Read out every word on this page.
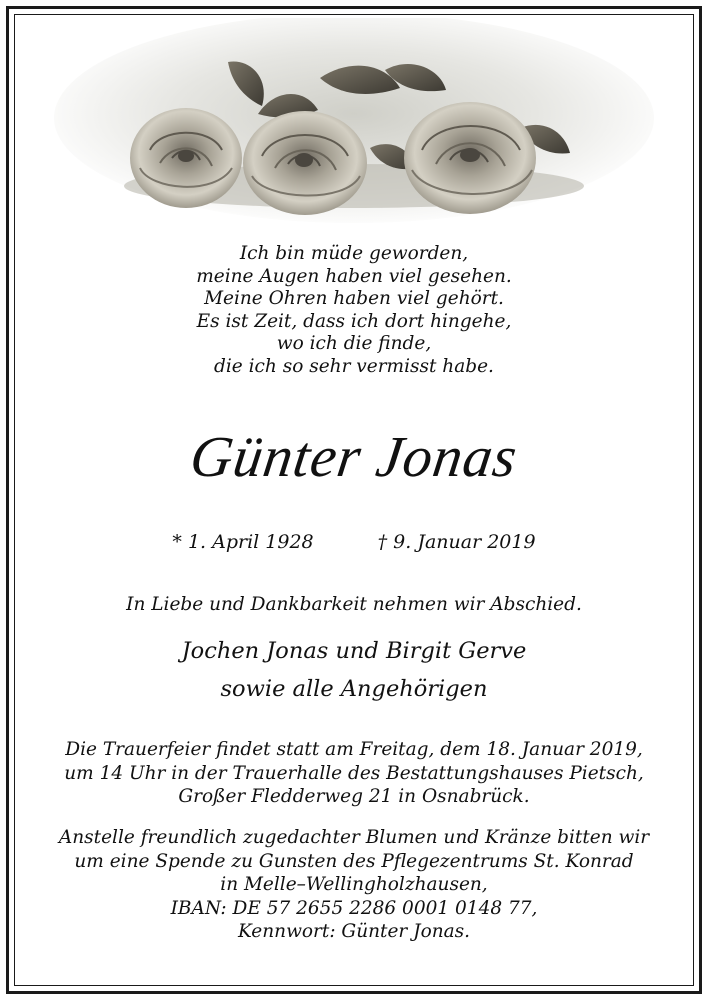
Ich bin müde geworden,
meine Augen haben viel gesehen.
Meine Ohren haben viel gehört.
Es ist Zeit, dass ich dort hingehe,
wo ich die finde,
die ich so sehr vermisst habe.
Günter Jonas
* 1. April 1928	† 9. Januar 2019
In Liebe und Dankbarkeit nehmen wir Abschied.
Jochen Jonas und Birgit Gerve
sowie alle Angehörigen
Die Trauerfeier findet statt am Freitag, dem 18. Januar 2019,
um 14 Uhr in der Trauerhalle des Bestattungshauses Pietsch,
Großer Fledderweg 21 in Osnabrück.
Anstelle freundlich zugedachter Blumen und Kränze bitten wir
um eine Spende zu Gunsten des Pflegezentrums St. Konrad
in Melle–Wellingholzhausen,
IBAN: DE 57 2655 2286 0001 0148 77,
Kennwort: Günter Jonas.
